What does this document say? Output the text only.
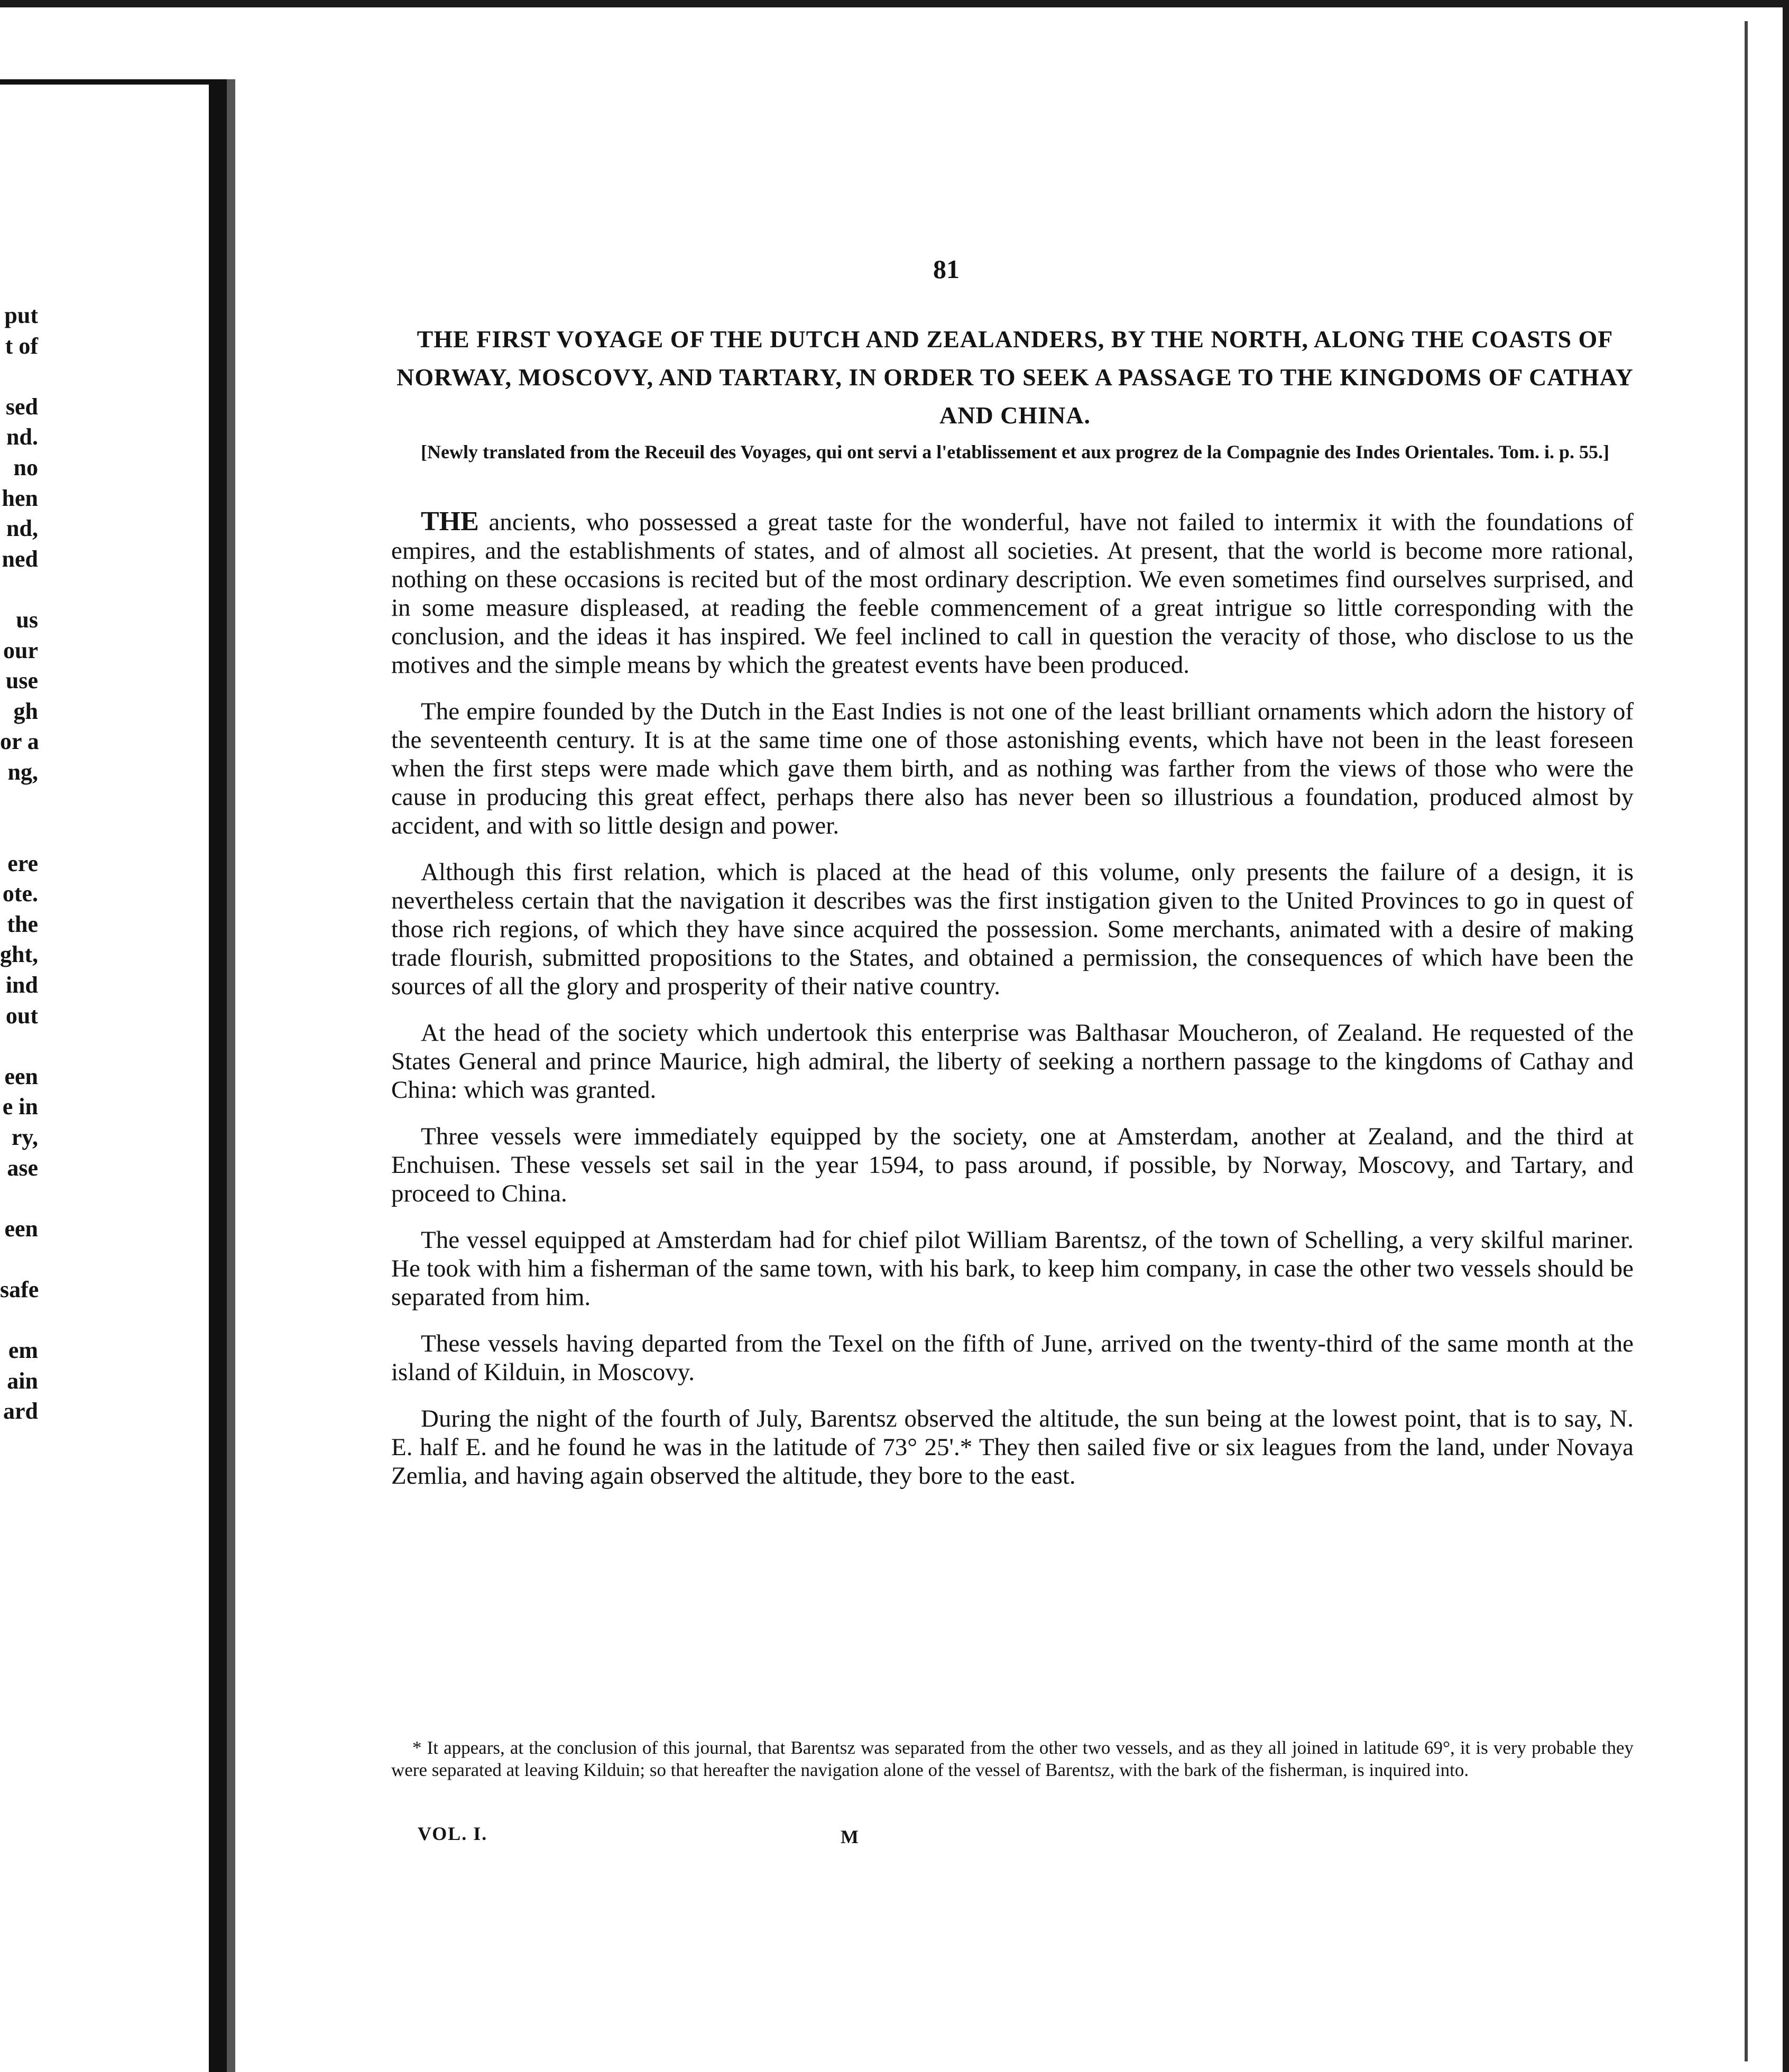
put
t of
sed
nd.
no
hen
nd,
ned
us
our
use
gh
or a
ng,
ere
ote.
the
ght,
ind
out
een
e in
ry,
ase
een
safe
em
ain
ard
81
THE FIRST VOYAGE OF THE DUTCH AND ZEALANDERS, BY THE NORTH, ALONG THE COASTS OF NORWAY, MOSCOVY, AND TARTARY, IN ORDER TO SEEK A PASSAGE TO THE KINGDOMS OF CATHAY AND CHINA.
[Newly translated from the Receuil des Voyages, qui ont servi a l'etablissement et aux progrez de la Compagnie des Indes Orientales. Tom. i. p. 55.]

THE ancients, who possessed a great taste for the wonderful, have not failed to intermix it with the foundations of empires, and the establishments of states, and of almost all societies. At present, that the world is become more rational, nothing on these occasions is recited but of the most ordinary description. We even sometimes find ourselves surprised, and in some measure displeased, at reading the feeble commencement of a great intrigue so little corresponding with the conclusion, and the ideas it has inspired. We feel inclined to call in question the veracity of those, who disclose to us the motives and the simple means by which the greatest events have been produced.

The empire founded by the Dutch in the East Indies is not one of the least brilliant ornaments which adorn the history of the seventeenth century. It is at the same time one of those astonishing events, which have not been in the least foreseen when the first steps were made which gave them birth, and as nothing was farther from the views of those who were the cause in producing this great effect, perhaps there also has never been so illustrious a foundation, produced almost by accident, and with so little design and power.

Although this first relation, which is placed at the head of this volume, only presents the failure of a design, it is nevertheless certain that the navigation it describes was the first instigation given to the United Provinces to go in quest of those rich regions, of which they have since acquired the possession. Some merchants, animated with a desire of making trade flourish, submitted propositions to the States, and obtained a permission, the consequences of which have been the sources of all the glory and prosperity of their native country.

At the head of the society which undertook this enterprise was Balthasar Moucheron, of Zealand. He requested of the States General and prince Maurice, high admiral, the liberty of seeking a northern passage to the kingdoms of Cathay and China: which was granted.

Three vessels were immediately equipped by the society, one at Amsterdam, another at Zealand, and the third at Enchuisen. These vessels set sail in the year 1594, to pass around, if possible, by Norway, Moscovy, and Tartary, and proceed to China.

The vessel equipped at Amsterdam had for chief pilot William Barentsz, of the town of Schelling, a very skilful mariner. He took with him a fisherman of the same town, with his bark, to keep him company, in case the other two vessels should be separated from him.

These vessels having departed from the Texel on the fifth of June, arrived on the twenty-third of the same month at the island of Kilduin, in Moscovy.

During the night of the fourth of July, Barentsz observed the altitude, the sun being at the lowest point, that is to say, N. E. half E. and he found he was in the latitude of 73° 25'.* They then sailed five or six leagues from the land, under Novaya Zemlia, and having again observed the altitude, they bore to the east.

* It appears, at the conclusion of this journal, that Barentsz was separated from the other two vessels, and as they all joined in latitude 69°, it is very probable they were separated at leaving Kilduin; so that hereafter the navigation alone of the vessel of Barentsz, with the bark of the fisherman, is inquired into.
VOL. I.	M
